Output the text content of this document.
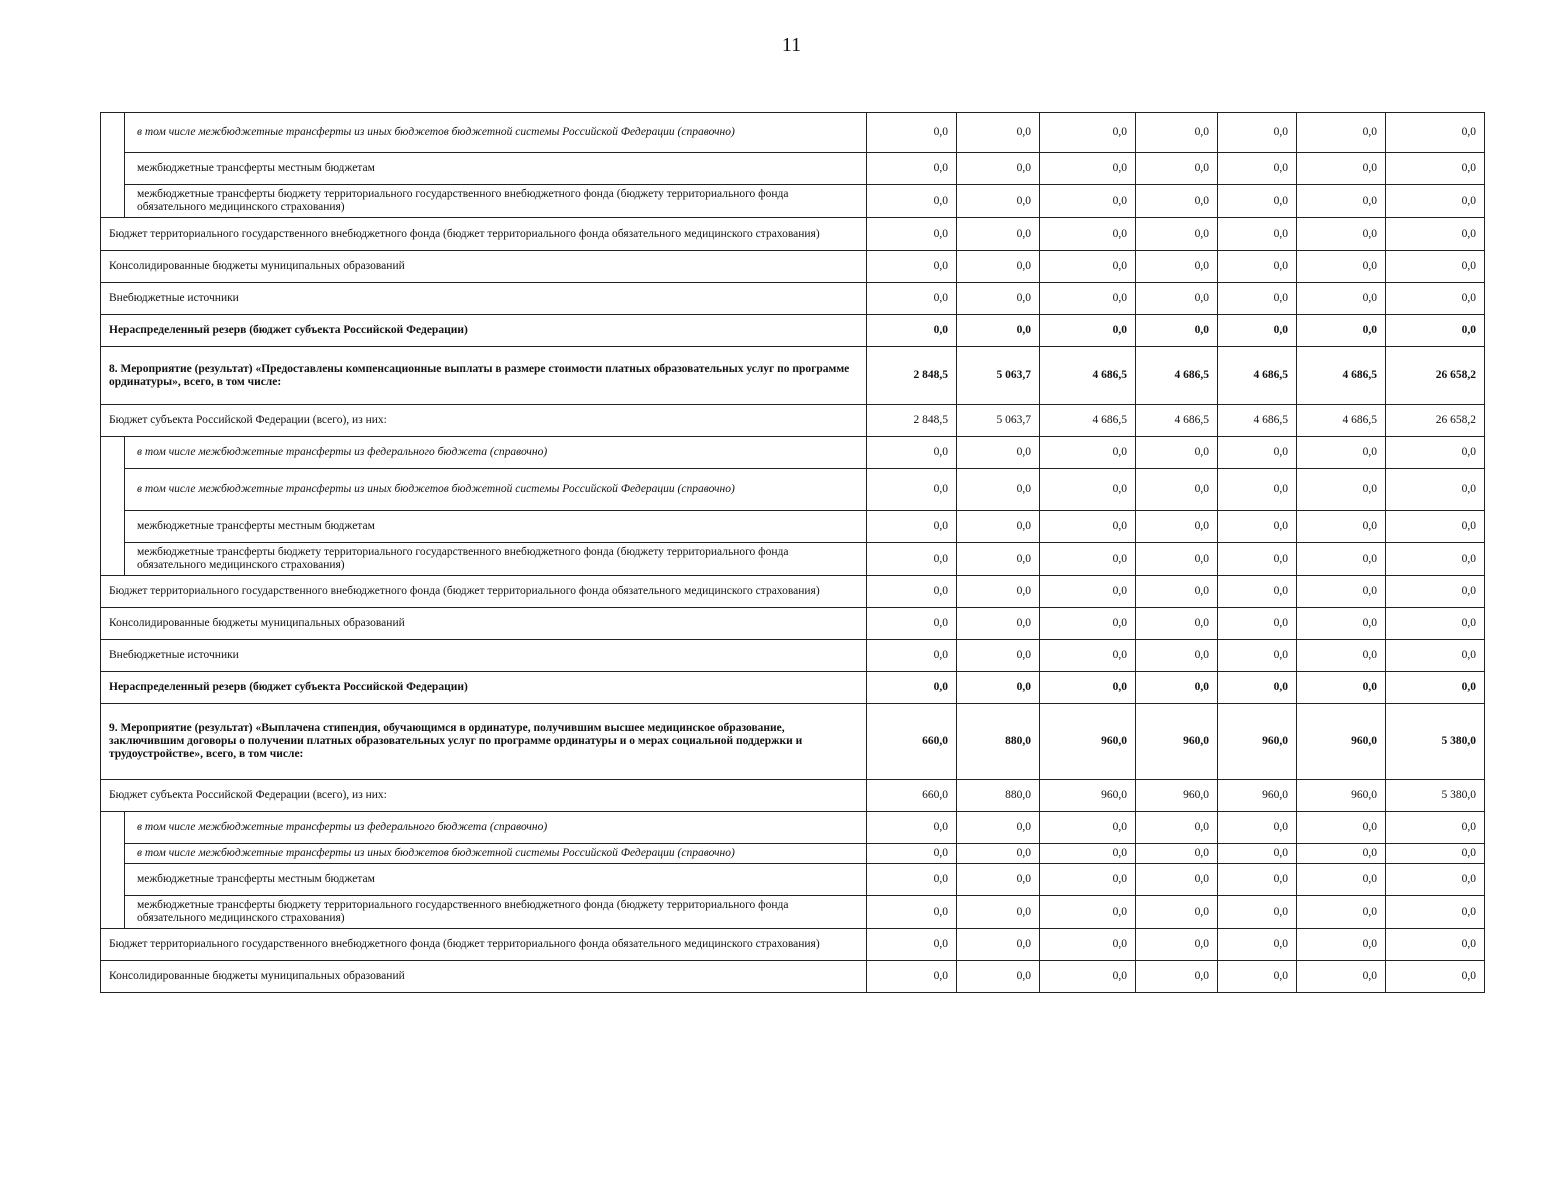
11
	в том числе межбюджетные трансферты из иных бюджетов бюджетной системы Российской Федерации (справочно)	0,0	0,0	0,0	0,0	0,0	0,0	0,0
	межбюджетные трансферты местным бюджетам	0,0	0,0	0,0	0,0	0,0	0,0	0,0
	межбюджетные трансферты бюджету территориального государственного внебюджетного фонда (бюджету территориального фонда обязательного медицинского страхования)	0,0	0,0	0,0	0,0	0,0	0,0	0,0
Бюджет территориального государственного внебюджетного фонда (бюджет территориального фонда обязательного медицинского страхования)		0,0	0,0	0,0	0,0	0,0	0,0	0,0
Консолидированные бюджеты муниципальных образований		0,0	0,0	0,0	0,0	0,0	0,0	0,0
Внебюджетные источники		0,0	0,0	0,0	0,0	0,0	0,0	0,0
Нераспределенный резерв (бюджет субъекта Российской Федерации)		0,0	0,0	0,0	0,0	0,0	0,0	0,0
8. Мероприятие (результат) «Предоставлены компенсационные выплаты в размере стоимости платных образовательных услуг по программе ординатуры», всего, в том числе:		2 848,5	5 063,7	4 686,5	4 686,5	4 686,5	4 686,5	26 658,2
Бюджет субъекта Российской Федерации (всего), из них:		2 848,5	5 063,7	4 686,5	4 686,5	4 686,5	4 686,5	26 658,2
	в том числе межбюджетные трансферты из федерального бюджета (справочно)	0,0	0,0	0,0	0,0	0,0	0,0	0,0
	в том числе межбюджетные трансферты из иных бюджетов бюджетной системы Российской Федерации (справочно)	0,0	0,0	0,0	0,0	0,0	0,0	0,0
	межбюджетные трансферты местным бюджетам	0,0	0,0	0,0	0,0	0,0	0,0	0,0
	межбюджетные трансферты бюджету территориального государственного внебюджетного фонда (бюджету территориального фонда обязательного медицинского страхования)	0,0	0,0	0,0	0,0	0,0	0,0	0,0
Бюджет территориального государственного внебюджетного фонда (бюджет территориального фонда обязательного медицинского страхования)		0,0	0,0	0,0	0,0	0,0	0,0	0,0
Консолидированные бюджеты муниципальных образований		0,0	0,0	0,0	0,0	0,0	0,0	0,0
Внебюджетные источники		0,0	0,0	0,0	0,0	0,0	0,0	0,0
Нераспределенный резерв (бюджет субъекта Российской Федерации)		0,0	0,0	0,0	0,0	0,0	0,0	0,0
9. Мероприятие (результат) «Выплачена стипендия, обучающимся в ординатуре, получившим высшее медицинское образование, заключившим договоры о получении платных образовательных услуг по программе ординатуры и о мерах социальной поддержки и трудоустройстве», всего, в том числе:		660,0	880,0	960,0	960,0	960,0	960,0	5 380,0
Бюджет субъекта Российской Федерации (всего), из них:		660,0	880,0	960,0	960,0	960,0	960,0	5 380,0
	в том числе межбюджетные трансферты из федерального бюджета (справочно)	0,0	0,0	0,0	0,0	0,0	0,0	0,0
	в том числе межбюджетные трансферты из иных бюджетов бюджетной системы Российской Федерации (справочно)	0,0	0,0	0,0	0,0	0,0	0,0	0,0
	межбюджетные трансферты местным бюджетам	0,0	0,0	0,0	0,0	0,0	0,0	0,0
	межбюджетные трансферты бюджету территориального государственного внебюджетного фонда (бюджету территориального фонда обязательного медицинского страхования)	0,0	0,0	0,0	0,0	0,0	0,0	0,0
Бюджет территориального государственного внебюджетного фонда (бюджет территориального фонда обязательного медицинского страхования)		0,0	0,0	0,0	0,0	0,0	0,0	0,0
Консолидированные бюджеты муниципальных образований		0,0	0,0	0,0	0,0	0,0	0,0	0,0
